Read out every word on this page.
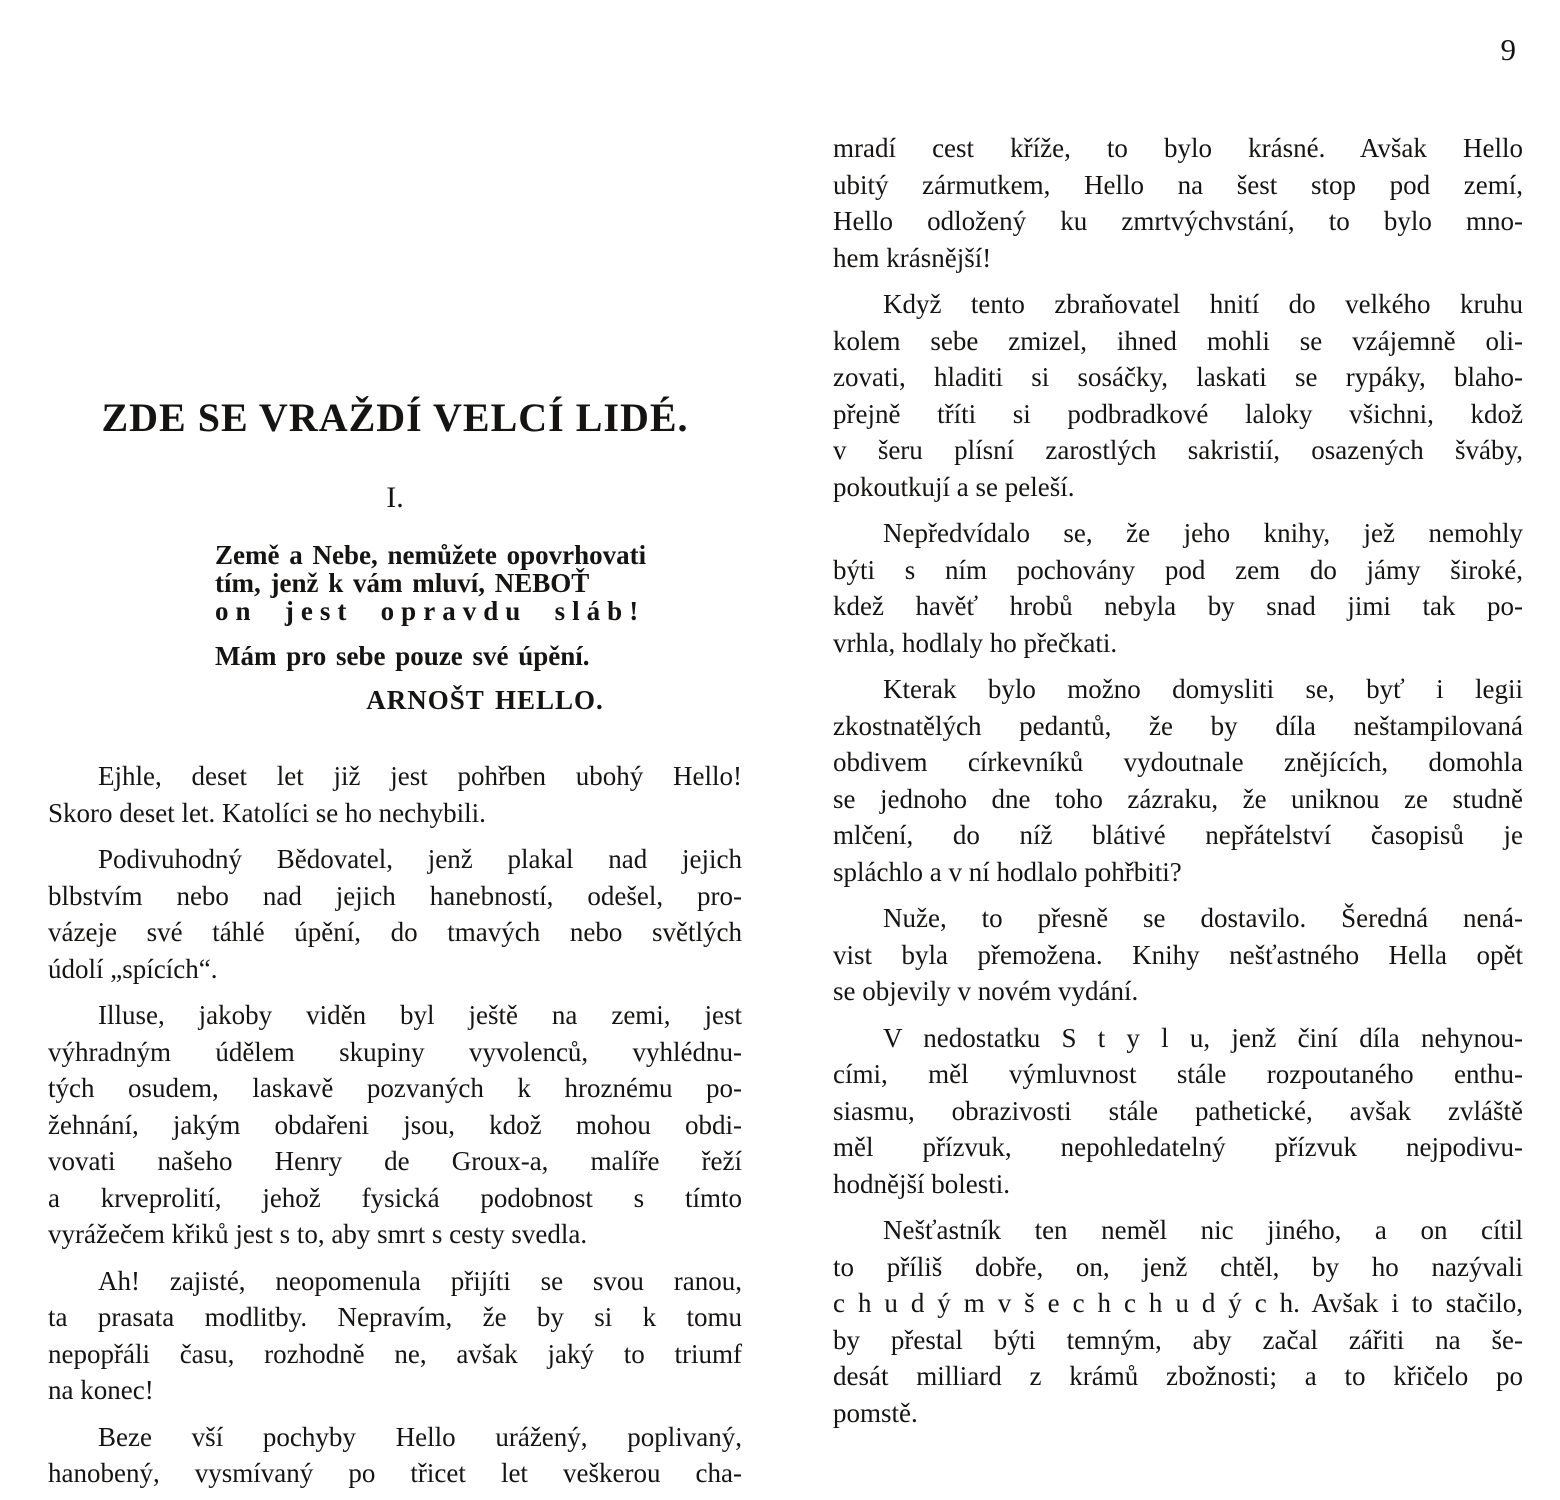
9
ZDE SE VRAŽDÍ VELCÍ LIDÉ.
I.
Země a Nebe, nemůžete opovrhovati
tím, jenž k vám mluví, NEBOŤ
on jest opravdu sláb!
Mám pro sebe pouze své úpění.
ARNOŠT HELLO.
Ejhle, deset let již jest pohřben ubohý Hello!
Skoro deset let. Katolíci se ho nechybili.
Podivuhodný Bědovatel, jenž plakal nad jejich
blbstvím nebo nad jejich hanebností, odešel, pro-
vázeje své táhlé úpění, do tmavých nebo světlých
údolí „spících“.
Illuse, jakoby viděn byl ještě na zemi, jest
výhradným údělem skupiny vyvolenců, vyhlédnu-
tých osudem, laskavě pozvaných k hroznému po-
žehnání, jakým obdařeni jsou, kdož mohou obdi-
vovati našeho Henry de Groux-a, malíře řeží
a krveprolití, jehož fysická podobnost s tímto
vyrážečem křiků jest s to, aby smrt s cesty svedla.
Ah! zajisté, neopomenula přijíti se svou ranou,
ta prasata modlitby. Nepravím, že by si k tomu
nepopřáli času, rozhodně ne, avšak jaký to triumf
na konec!
Beze vší pochyby Hello urážený, poplivaný,
hanobený, vysmívaný po třicet let veškerou cha-
mradí cest kříže, to bylo krásné. Avšak Hello
ubitý zármutkem, Hello na šest stop pod zemí,
Hello odložený ku zmrtvýchvstání, to bylo mno-
hem krásnější!
Když tento zbraňovatel hnití do velkého kruhu
kolem sebe zmizel, ihned mohli se vzájemně oli-
zovati, hladiti si sosáčky, laskati se rypáky, blaho-
přejně tříti si podbradkové laloky všichni, kdož
v šeru plísní zarostlých sakristií, osazených šváby,
pokoutkují a se peleší.
Nepředvídalo se, že jeho knihy, jež nemohly
býti s ním pochovány pod zem do jámy široké,
kdež havěť hrobů nebyla by snad jimi tak po-
vrhla, hodlaly ho přečkati.
Kterak bylo možno domysliti se, byť i legii
zkostnatělých pedantů, že by díla neštampilovaná
obdivem církevníků vydoutnale znějících, domohla
se jednoho dne toho zázraku, že uniknou ze studně
mlčení, do níž blátivé nepřátelství časopisů je
spláchlo a v ní hodlalo pohřbiti?
Nuže, to přesně se dostavilo. Šeredná nená-
vist byla přemožena. Knihy nešťastného Hella opět
se objevily v novém vydání.
V nedostatku S t y l u, jenž činí díla nehynou-
cími, měl výmluvnost stále rozpoutaného enthu-
siasmu, obrazivosti stále pathetické, avšak zvláště
měl přízvuk, nepohledatelný přízvuk nejpodivu-
hodnější bolesti.
Nešťastník ten neměl nic jiného, a on cítil
to příliš dobře, on, jenž chtěl, by ho nazývali
c h u d ý m v š e c h c h u d ý c h. Avšak i to stačilo,
by přestal býti temným, aby začal zářiti na še-
desát milliard z krámů zbožnosti; a to křičelo po
pomstě.
